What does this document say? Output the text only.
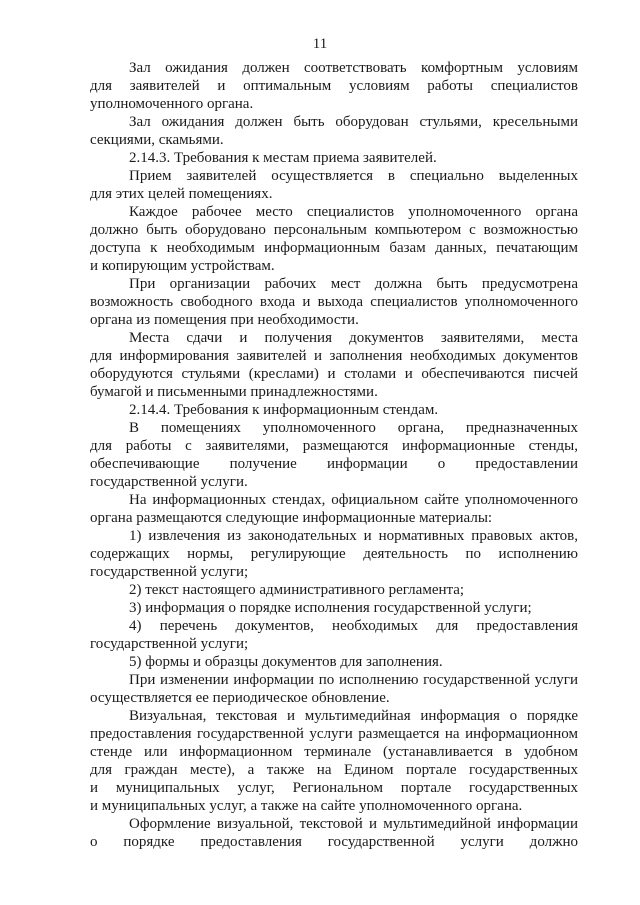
11
Зал ожидания должен соответствовать комфортным условиям
для заявителей и оптимальным условиям работы специалистов
уполномоченного органа.
Зал ожидания должен быть оборудован стульями, кресельными
секциями, скамьями.
2.14.3. Требования к местам приема заявителей.
Прием заявителей осуществляется в специально выделенных
для этих целей помещениях.
Каждое рабочее место специалистов уполномоченного органа
должно быть оборудовано персональным компьютером с возможностью
доступа к необходимым информационным базам данных, печатающим
и копирующим устройствам.
При организации рабочих мест должна быть предусмотрена
возможность свободного входа и выхода специалистов уполномоченного
органа из помещения при необходимости.
Места сдачи и получения документов заявителями, места
для информирования заявителей и заполнения необходимых документов
оборудуются стульями (креслами) и столами и обеспечиваются писчей
бумагой и письменными принадлежностями.
2.14.4. Требования к информационным стендам.
В помещениях уполномоченного органа, предназначенных
для работы с заявителями, размещаются информационные стенды,
обеспечивающие получение информации о предоставлении
государственной услуги.
На информационных стендах, официальном сайте уполномоченного
органа размещаются следующие информационные материалы:
1) извлечения из законодательных и нормативных правовых актов,
содержащих нормы, регулирующие деятельность по исполнению
государственной услуги;
2) текст настоящего административного регламента;
3) информация о порядке исполнения государственной услуги;
4) перечень документов, необходимых для предоставления
государственной услуги;
5) формы и образцы документов для заполнения.
При изменении информации по исполнению государственной услуги
осуществляется ее периодическое обновление.
Визуальная, текстовая и мультимедийная информация о порядке
предоставления государственной услуги размещается на информационном
стенде или информационном терминале (устанавливается в удобном
для граждан месте), а также на Едином портале государственных
и муниципальных услуг, Региональном портале государственных
и муниципальных услуг, а также на сайте уполномоченного органа.
Оформление визуальной, текстовой и мультимедийной информации
о порядке предоставления государственной услуги должно
